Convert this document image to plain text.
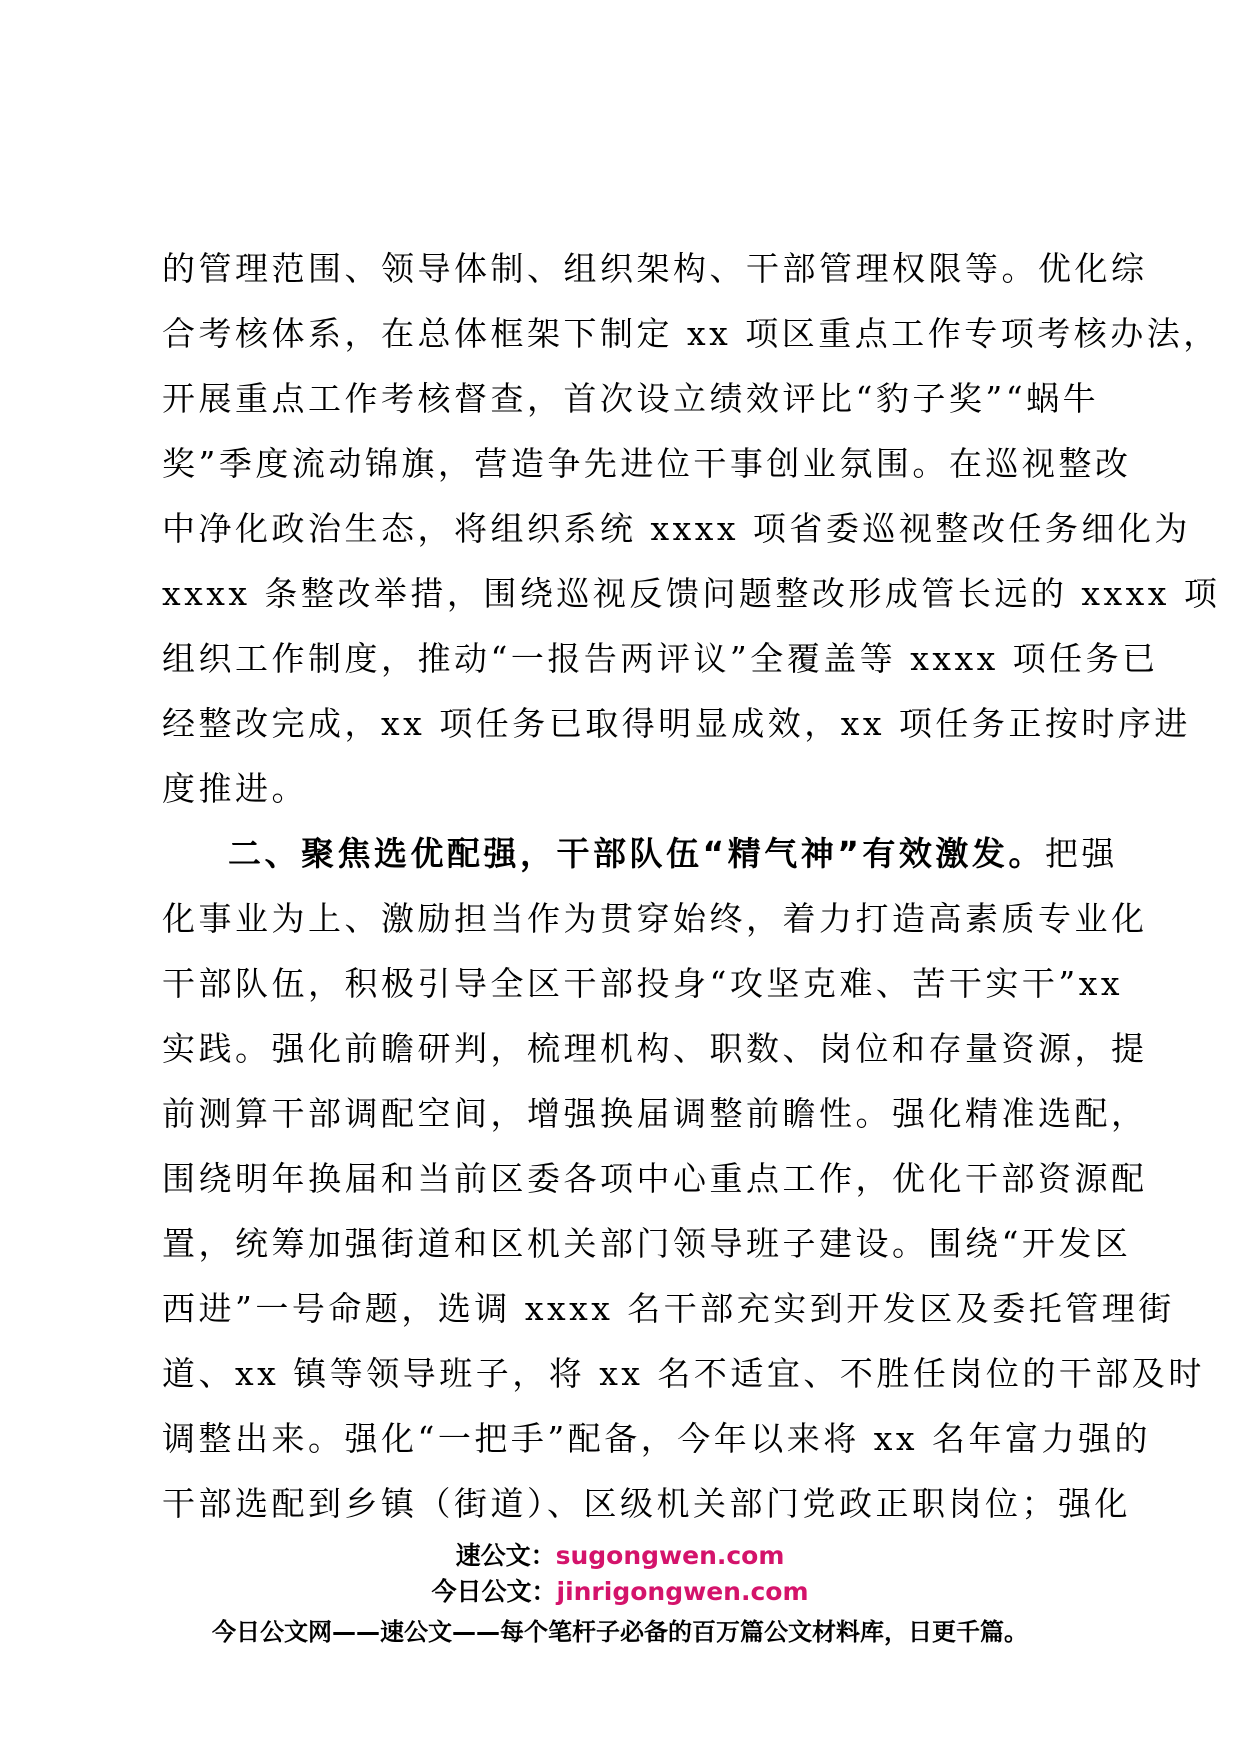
的管理范围、领导体制、组织架构、干部管理权限等。优化综
合考核体系，在总体框架下制定 xx 项区重点工作专项考核办法，
开展重点工作考核督查，首次设立绩效评比“豹子奖”“蜗牛
奖”季度流动锦旗，营造争先进位干事创业氛围。在巡视整改
中净化政治生态，将组织系统 xxxx 项省委巡视整改任务细化为
xxxx 条整改举措，围绕巡视反馈问题整改形成管长远的 xxxx 项
组织工作制度，推动“一报告两评议”全覆盖等 xxxx 项任务已
经整改完成，xx 项任务已取得明显成效，xx 项任务正按时序进
度推进。
二、聚焦选优配强，干部队伍“精气神”有效激发。把强
化事业为上、激励担当作为贯穿始终，着力打造高素质专业化
干部队伍，积极引导全区干部投身“攻坚克难、苦干实干”xx
实践。强化前瞻研判，梳理机构、职数、岗位和存量资源，提
前测算干部调配空间，增强换届调整前瞻性。强化精准选配，
围绕明年换届和当前区委各项中心重点工作，优化干部资源配
置，统筹加强街道和区机关部门领导班子建设。围绕“开发区
西进”一号命题，选调 xxxx 名干部充实到开发区及委托管理街
道、xx 镇等领导班子，将 xx 名不适宜、不胜任岗位的干部及时
调整出来。强化“一把手”配备，今年以来将 xx 名年富力强的
干部选配到乡镇（街道）、区级机关部门党政正职岗位；强化
速公文：sugongwen.com
今日公文：jinrigongwen.com
今日公文网——速公文——每个笔杆子必备的百万篇公文材料库，日更千篇。
